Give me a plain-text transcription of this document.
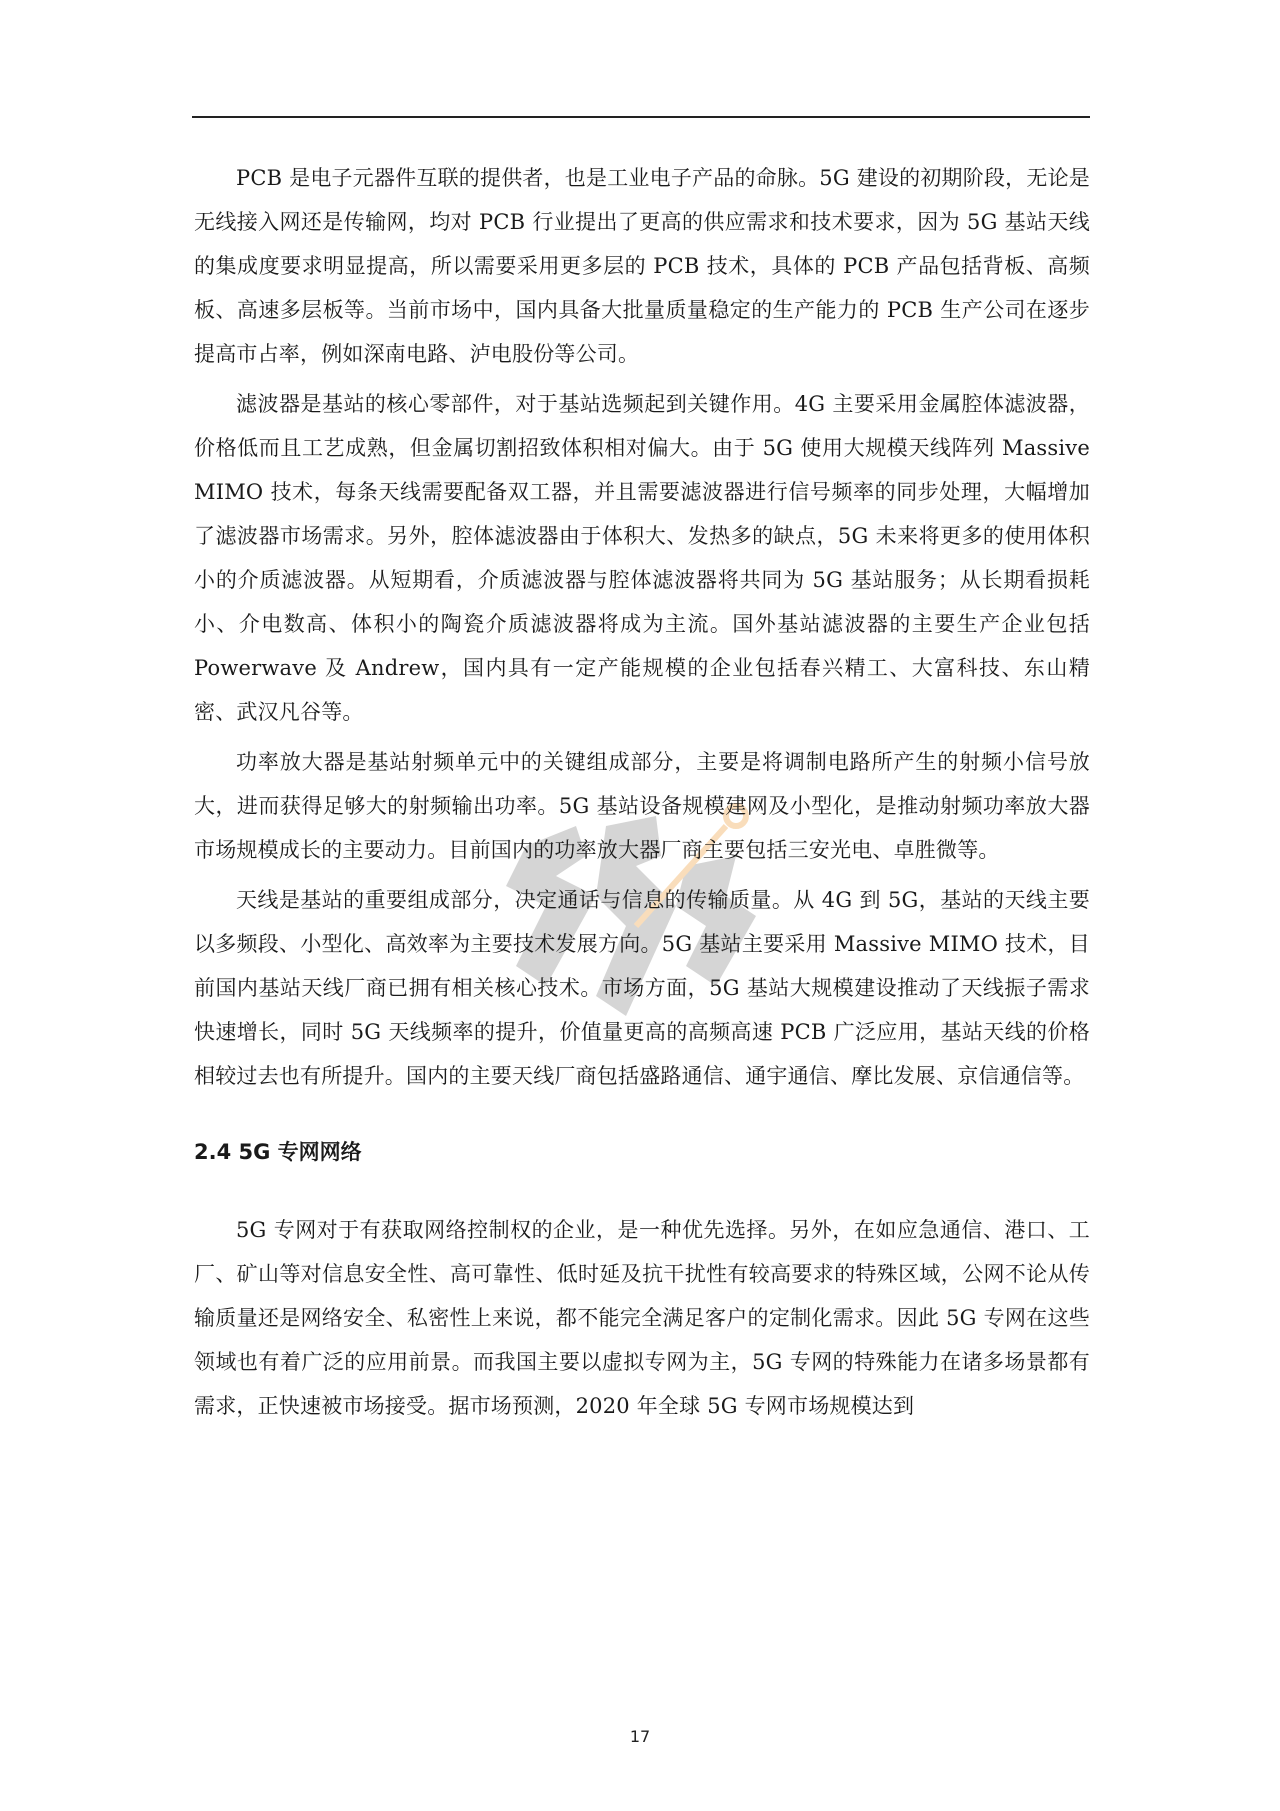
PCB 是电子元器件互联的提供者，也是工业电子产品的命脉。5G 建设的初期阶段，无论是无线接入网还是传输网，均对 PCB 行业提出了更高的供应需求和技术要求，因为 5G 基站天线的集成度要求明显提高，所以需要采用更多层的 PCB 技术，具体的 PCB 产品包括背板、高频板、高速多层板等。当前市场中，国内具备大批量质量稳定的生产能力的 PCB 生产公司在逐步提高市占率，例如深南电路、泸电股份等公司。

滤波器是基站的核心零部件，对于基站选频起到关键作用。4G 主要采用金属腔体滤波器，价格低而且工艺成熟，但金属切割招致体积相对偏大。由于 5G 使用大规模天线阵列 Massive MIMO 技术，每条天线需要配备双工器，并且需要滤波器进行信号频率的同步处理，大幅增加了滤波器市场需求。另外，腔体滤波器由于体积大、发热多的缺点，5G 未来将更多的使用体积小的介质滤波器。从短期看，介质滤波器与腔体滤波器将共同为 5G 基站服务；从长期看损耗小、介电数高、体积小的陶瓷介质滤波器将成为主流。国外基站滤波器的主要生产企业包括 Powerwave 及 Andrew，国内具有一定产能规模的企业包括春兴精工、大富科技、东山精密、武汉凡谷等。

功率放大器是基站射频单元中的关键组成部分，主要是将调制电路所产生的射频小信号放大，进而获得足够大的射频输出功率。5G 基站设备规模建网及小型化，是推动射频功率放大器市场规模成长的主要动力。目前国内的功率放大器厂商主要包括三安光电、卓胜微等。

天线是基站的重要组成部分，决定通话与信息的传输质量。从 4G 到 5G，基站的天线主要以多频段、小型化、高效率为主要技术发展方向。5G 基站主要采用 Massive MIMO 技术，目前国内基站天线厂商已拥有相关核心技术。市场方面，5G 基站大规模建设推动了天线振子需求快速增长，同时 5G 天线频率的提升，价值量更高的高频高速 PCB 广泛应用，基站天线的价格相较过去也有所提升。国内的主要天线厂商包括盛路通信、通宇通信、摩比发展、京信通信等。

2.4 5G 专网网络

5G 专网对于有获取网络控制权的企业，是一种优先选择。另外，在如应急通信、港口、工厂、矿山等对信息安全性、高可靠性、低时延及抗干扰性有较高要求的特殊区域，公网不论从传输质量还是网络安全、私密性上来说，都不能完全满足客户的定制化需求。因此 5G 专网在这些领域也有着广泛的应用前景。而我国主要以虚拟专网为主，5G 专网的特殊能力在诸多场景都有需求，正快速被市场接受。据市场预测，2020 年全球 5G 专网市场规模达到

17
